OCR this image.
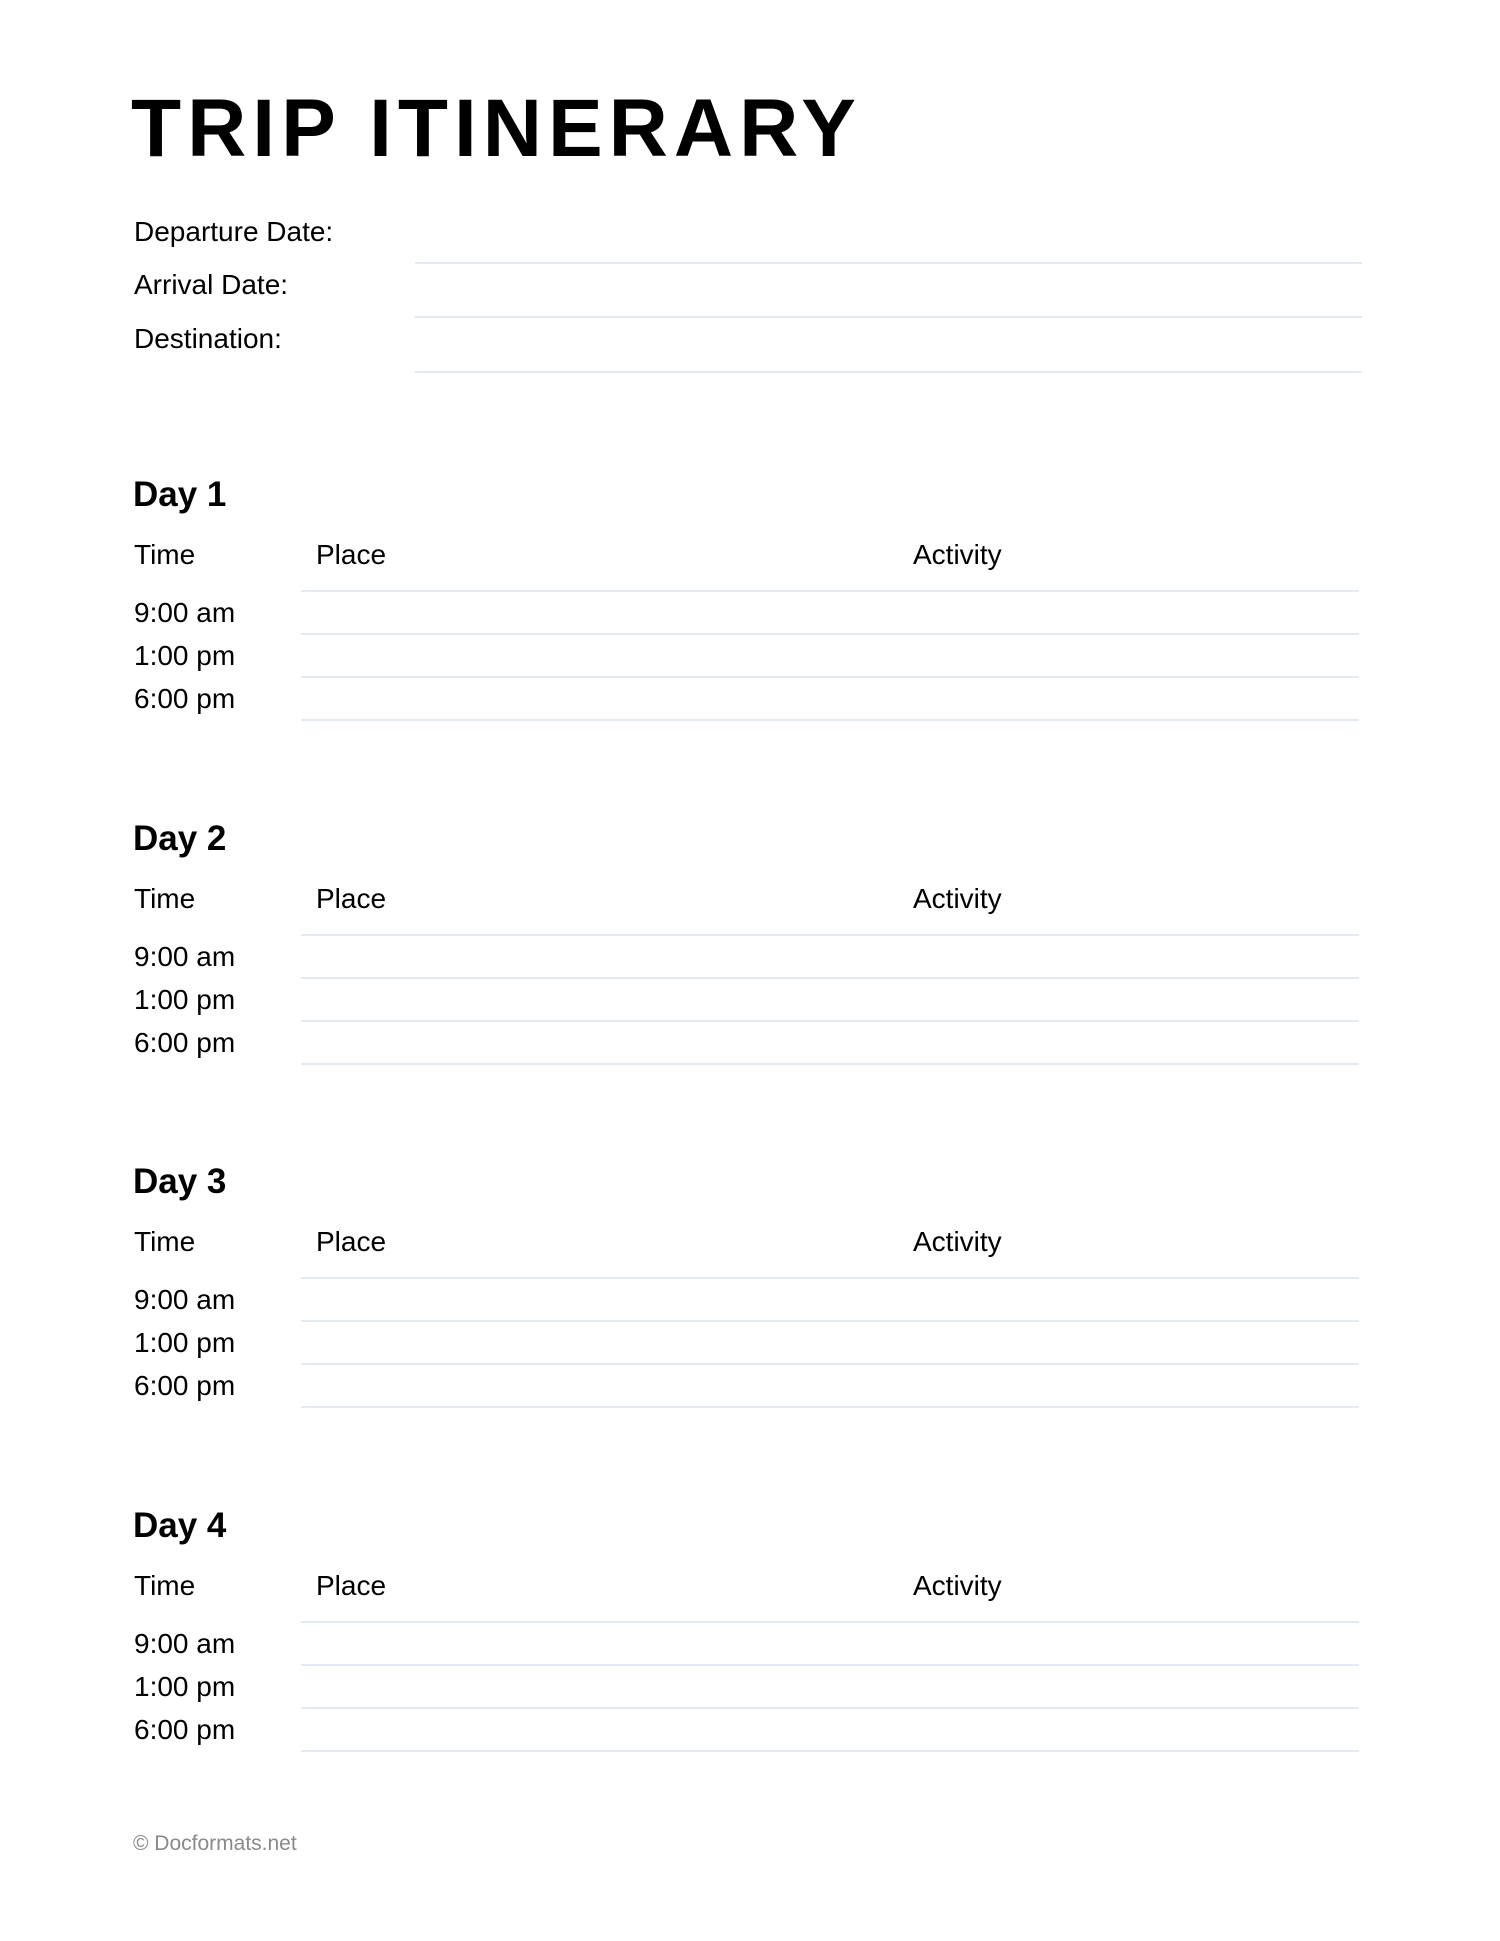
TRIP ITINERARY
Departure Date:
Arrival Date:
Destination:
Day 1
Time	Place	Activity
9:00 am
1:00 pm
6:00 pm
Day 2
Time	Place	Activity
9:00 am
1:00 pm
6:00 pm
Day 3
Time	Place	Activity
9:00 am
1:00 pm
6:00 pm
Day 4
Time	Place	Activity
9:00 am
1:00 pm
6:00 pm
© Docformats.net
